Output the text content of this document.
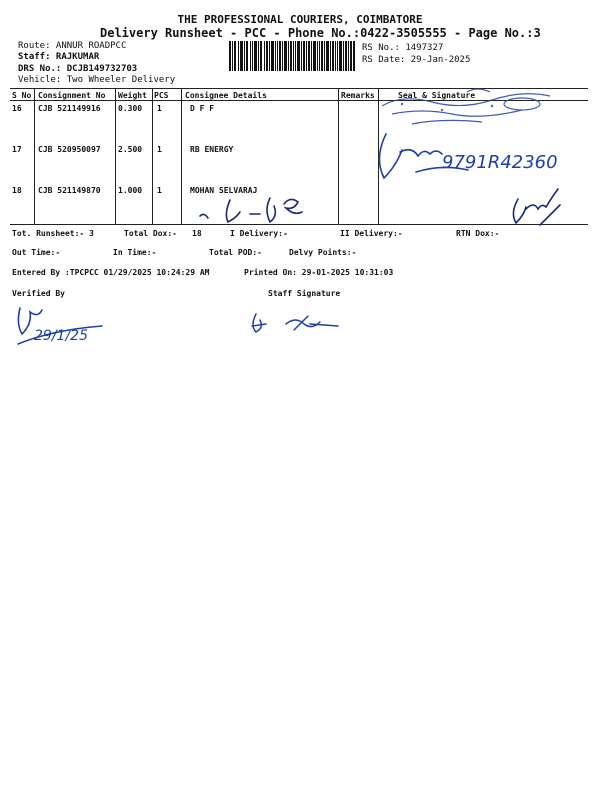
THE PROFESSIONAL COURIERS, COIMBATORE
Delivery Runsheet - PCC - Phone No.:0422-3505555 - Page No.:3
Route: ANNUR ROADPCC
Staff: RAJKUMAR
DRS No.: DCJB149732703
Vehicle: Two Wheeler Delivery
RS No.: 1497327
RS Date: 29-Jan-2025
S No Consignment No Weight PCS Consignee Details	Remarks	Seal & Signature
16 CJB 521149916 0.300 1	D F F
17 CJB 520950097 2.500 1	RB ENERGY
18 CJB 521149870 1.000 1	MOHAN SELVARAJ
9791R42360
Tot. Runsheet:- 3	Total Dox:- 18	I Delivery:-	II Delivery:-	RTN Dox:-
Out Time:-	In Time:-	Total POD:-	Delvy Points:-
Entered By :TPCPCC 01/29/2025 10:24:29 AM	Printed On: 29-01-2025 10:31:03
Verified By	Staff Signature
29/1/25
